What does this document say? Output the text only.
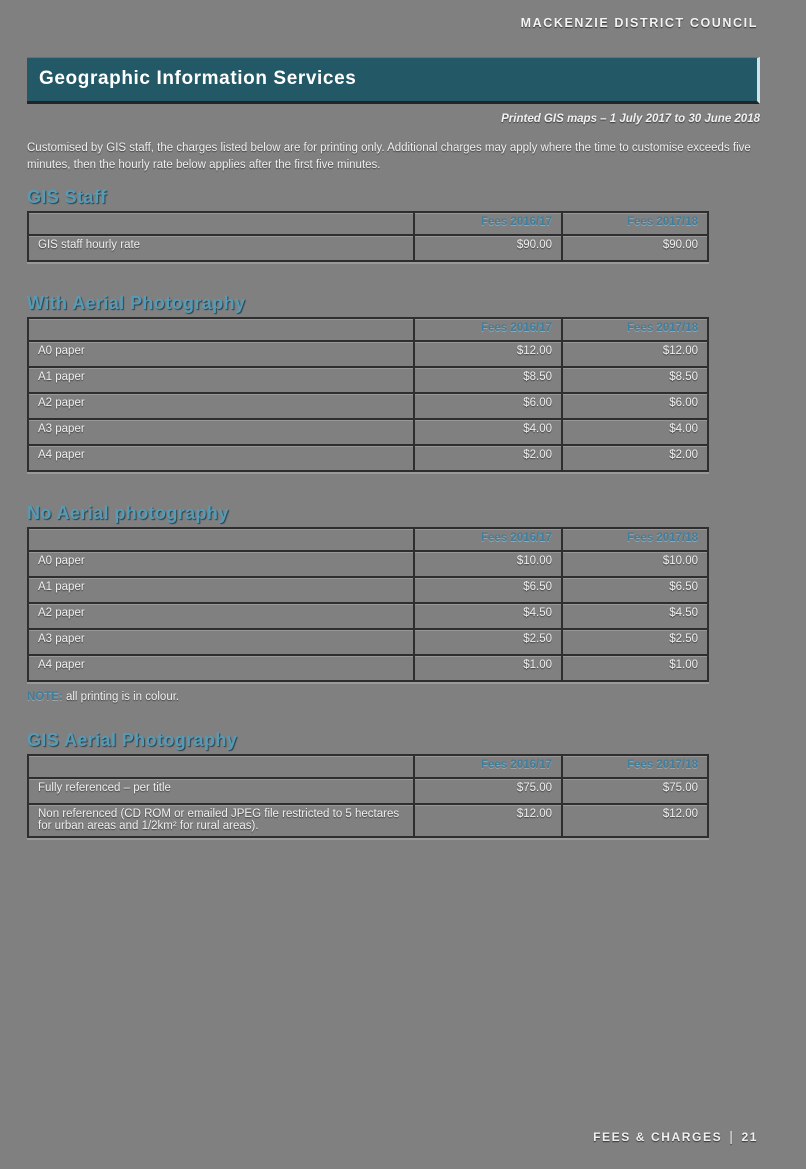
MACKENZIE DISTRICT COUNCIL
Geographic Information Services
Printed GIS maps – 1 July 2017 to 30 June 2018

Customised by GIS staff, the charges listed below are for printing only. Additional charges may apply where the time to customise exceeds five minutes, then the hourly rate below applies after the first five minutes.

GIS Staff
	Fees 2016/17	Fees 2017/18
GIS staff hourly rate	$90.00	$90.00
With Aerial Photography
	Fees 2016/17	Fees 2017/18
A0 paper	$12.00	$12.00
A1 paper	$8.50	$8.50
A2 paper	$6.00	$6.00
A3 paper	$4.00	$4.00
A4 paper	$2.00	$2.00
No Aerial photography
	Fees 2016/17	Fees 2017/18
A0 paper	$10.00	$10.00
A1 paper	$6.50	$6.50
A2 paper	$4.50	$4.50
A3 paper	$2.50	$2.50
A4 paper	$1.00	$1.00
NOTE: all printing is in colour.
GIS Aerial Photography
	Fees 2016/17	Fees 2017/18
Fully referenced – per title	$75.00	$75.00
Non referenced (CD ROM or emailed JPEG file restricted to 5 hectares for urban areas and 1/2km² for rural areas).	$12.00	$12.00
FEES & CHARGES | 21
